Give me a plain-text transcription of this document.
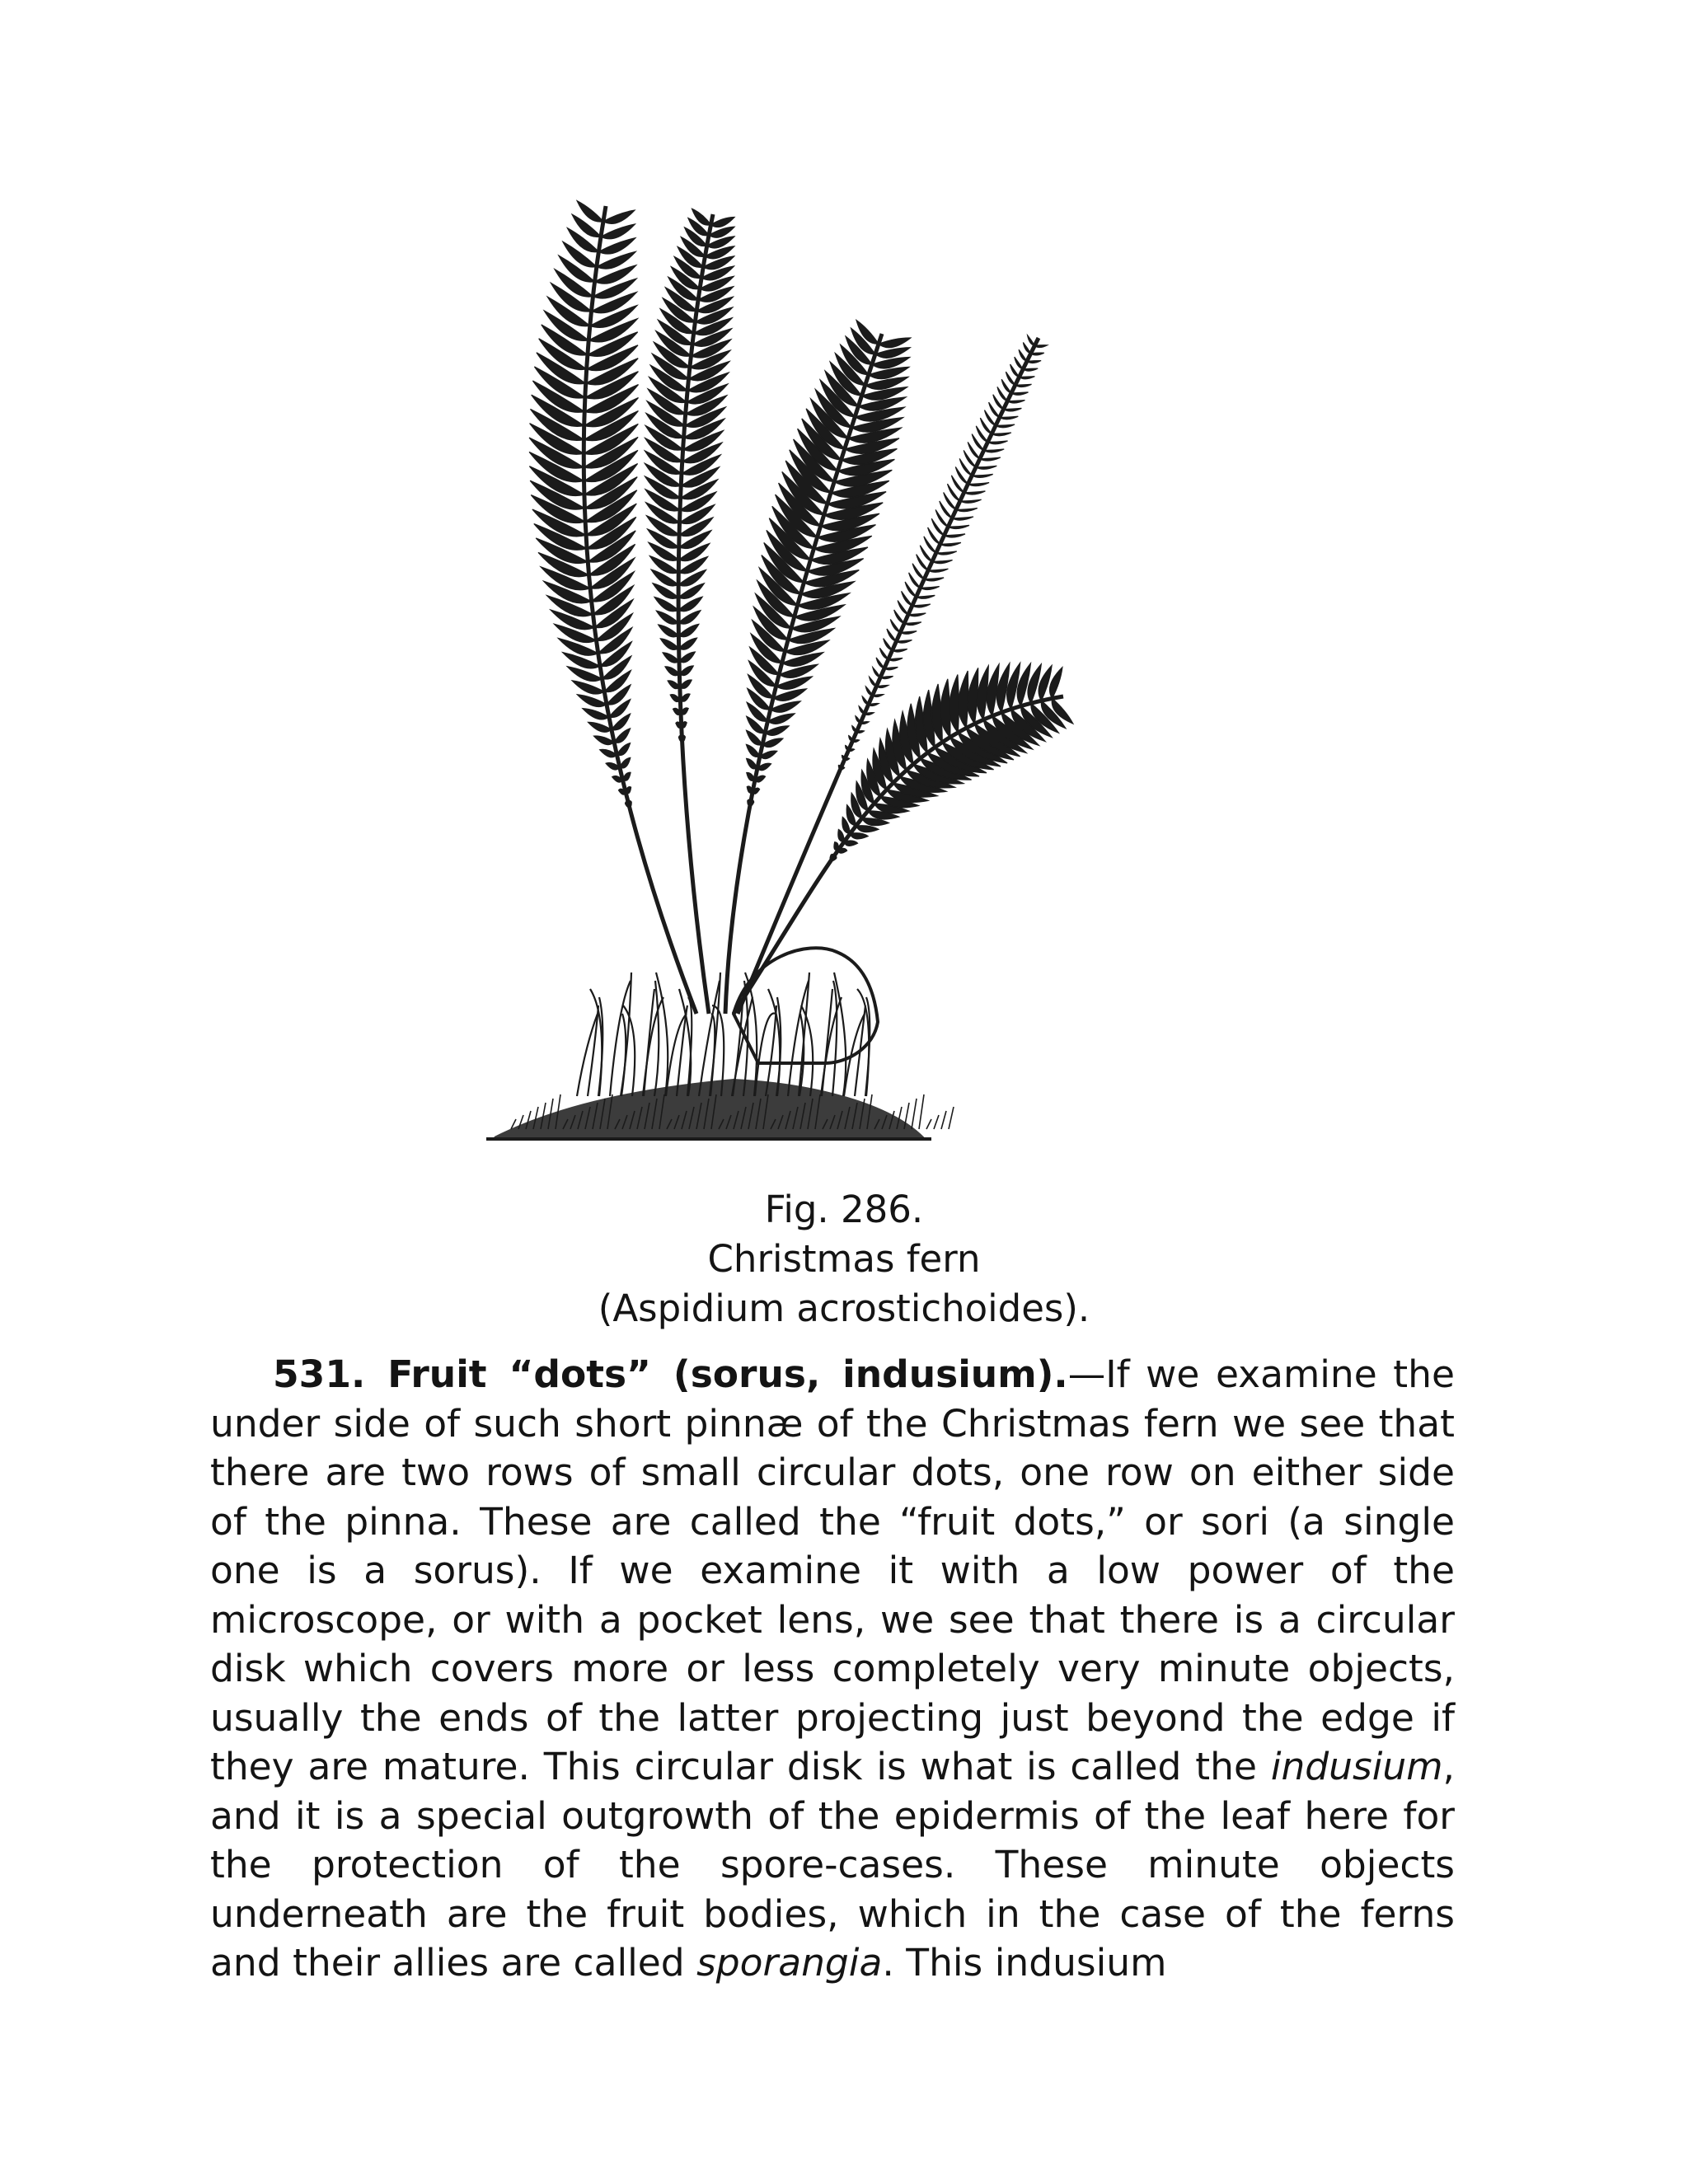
Fig. 286.
Christmas fern
(Aspidium acrostichoides).

531. Fruit “dots” (sorus, indusium).—If we examine the under side of such short pinnæ of the Christmas fern we see that there are two rows of small circular dots, one row on either side of the pinna. These are called the “fruit dots,” or sori (a single one is a sorus). If we examine it with a low power of the microscope, or with a pocket lens, we see that there is a circular disk which covers more or less completely very minute objects, usually the ends of the latter projecting just beyond the edge if they are mature. This circular disk is what is called the indusium, and it is a special outgrowth of the epidermis of the leaf here for the protection of the spore-cases. These minute objects underneath are the fruit bodies, which in the case of the ferns and their allies are called sporangia. This indusium
